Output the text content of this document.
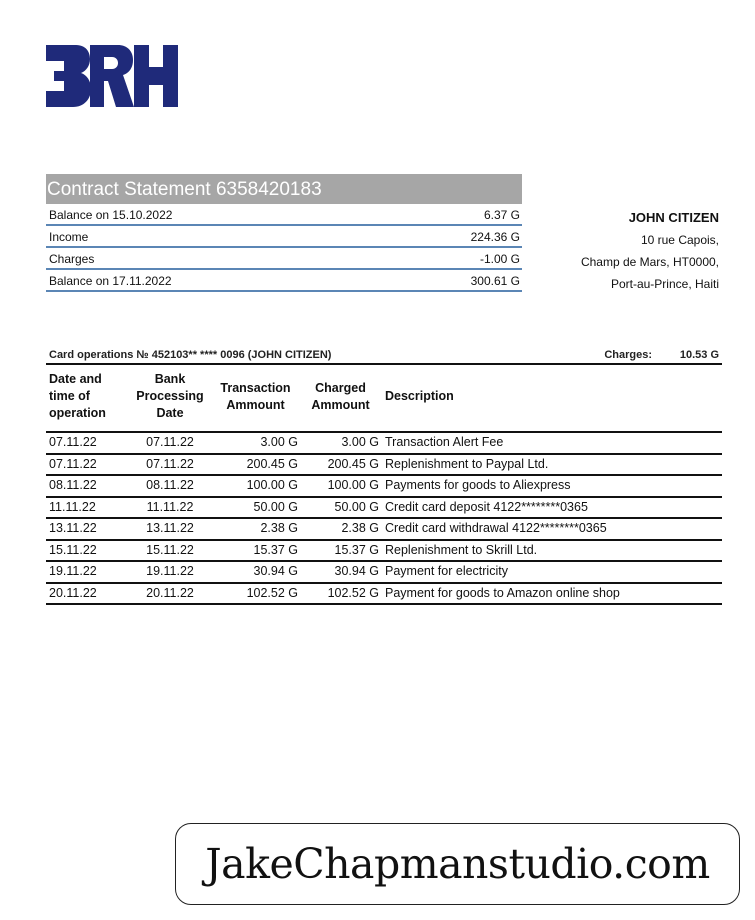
Contract Statement 6358420183
Balance on 15.10.2022	6.37 G
Income	224.36 G
Charges	-1.00 G
Balance on 17.11.2022	300.61 G
JOHN CITIZEN
10 rue Capois,
Champ de Mars, HT0000,
Port-au-Prince, Haiti
Card operations № 452103** **** 0096 (JOHN CITIZEN)	Charges:	10.53 G
Date and time of operation	Bank Processing Date	Transaction Ammount	Charged Ammount	Description
07.11.22	07.11.22	3.00 G	3.00 G	Transaction Alert Fee
07.11.22	07.11.22	200.45 G	200.45 G	Replenishment to Paypal Ltd.
08.11.22	08.11.22	100.00 G	100.00 G	Payments for goods to Aliexpress
11.11.22	11.11.22	50.00 G	50.00 G	Credit card deposit 4122********0365
13.11.22	13.11.22	2.38 G	2.38 G	Credit card withdrawal 4122********0365
15.11.22	15.11.22	15.37 G	15.37 G	Replenishment to Skrill Ltd.
19.11.22	19.11.22	30.94 G	30.94 G	Payment for electricity
20.11.22	20.11.22	102.52 G	102.52 G	Payment for goods to Amazon online shop
JakeChapmanstudio.com
